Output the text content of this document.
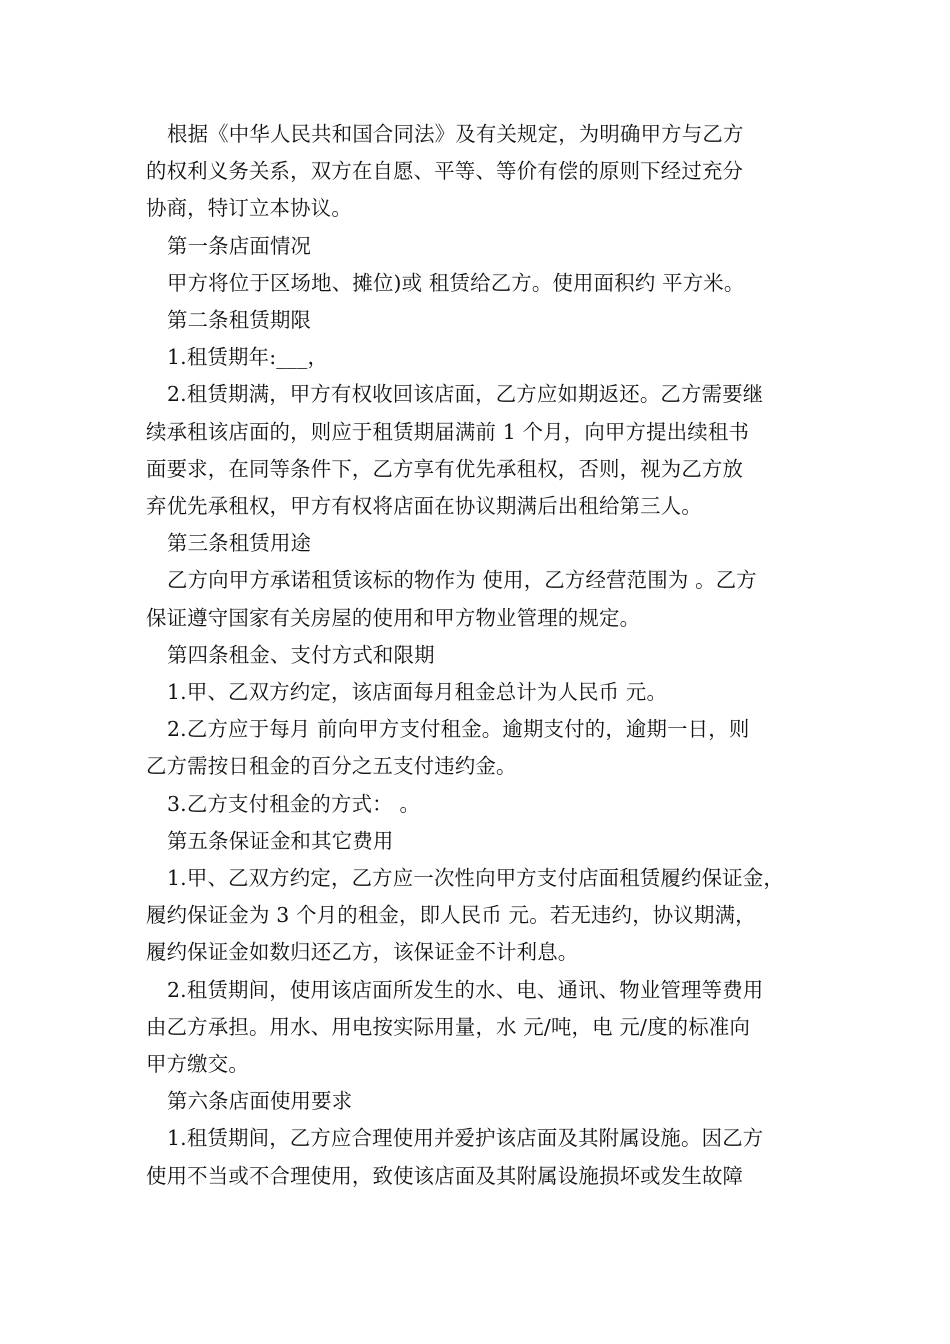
根据《中华人民共和国合同法》及有关规定，为明确甲方与乙方
的权利义务关系，双方在自愿、平等、等价有偿的原则下经过充分
协商，特订立本协议。
第一条店面情况
甲方将位于区场地、摊位)或 租赁给乙方。使用面积约 平方米。
第二条租赁期限
1.租赁期年:___，
2.租赁期满，甲方有权收回该店面，乙方应如期返还。乙方需要继
续承租该店面的，则应于租赁期届满前 1 个月，向甲方提出续租书
面要求，在同等条件下，乙方享有优先承租权，否则，视为乙方放
弃优先承租权，甲方有权将店面在协议期满后出租给第三人。
第三条租赁用途
乙方向甲方承诺租赁该标的物作为 使用，乙方经营范围为 。乙方
保证遵守国家有关房屋的使用和甲方物业管理的规定。
第四条租金、支付方式和限期
1.甲、乙双方约定，该店面每月租金总计为人民币 元。
2.乙方应于每月 前向甲方支付租金。逾期支付的，逾期一日，则
乙方需按日租金的百分之五支付违约金。
3.乙方支付租金的方式： 。
第五条保证金和其它费用
1.甲、乙双方约定，乙方应一次性向甲方支付店面租赁履约保证金，
履约保证金为 3 个月的租金，即人民币 元。若无违约，协议期满，
履约保证金如数归还乙方，该保证金不计利息。
2.租赁期间，使用该店面所发生的水、电、通讯、物业管理等费用
由乙方承担。用水、用电按实际用量，水 元/吨，电 元/度的标准向
甲方缴交。
第六条店面使用要求
1.租赁期间，乙方应合理使用并爱护该店面及其附属设施。因乙方
使用不当或不合理使用，致使该店面及其附属设施损坏或发生故障
